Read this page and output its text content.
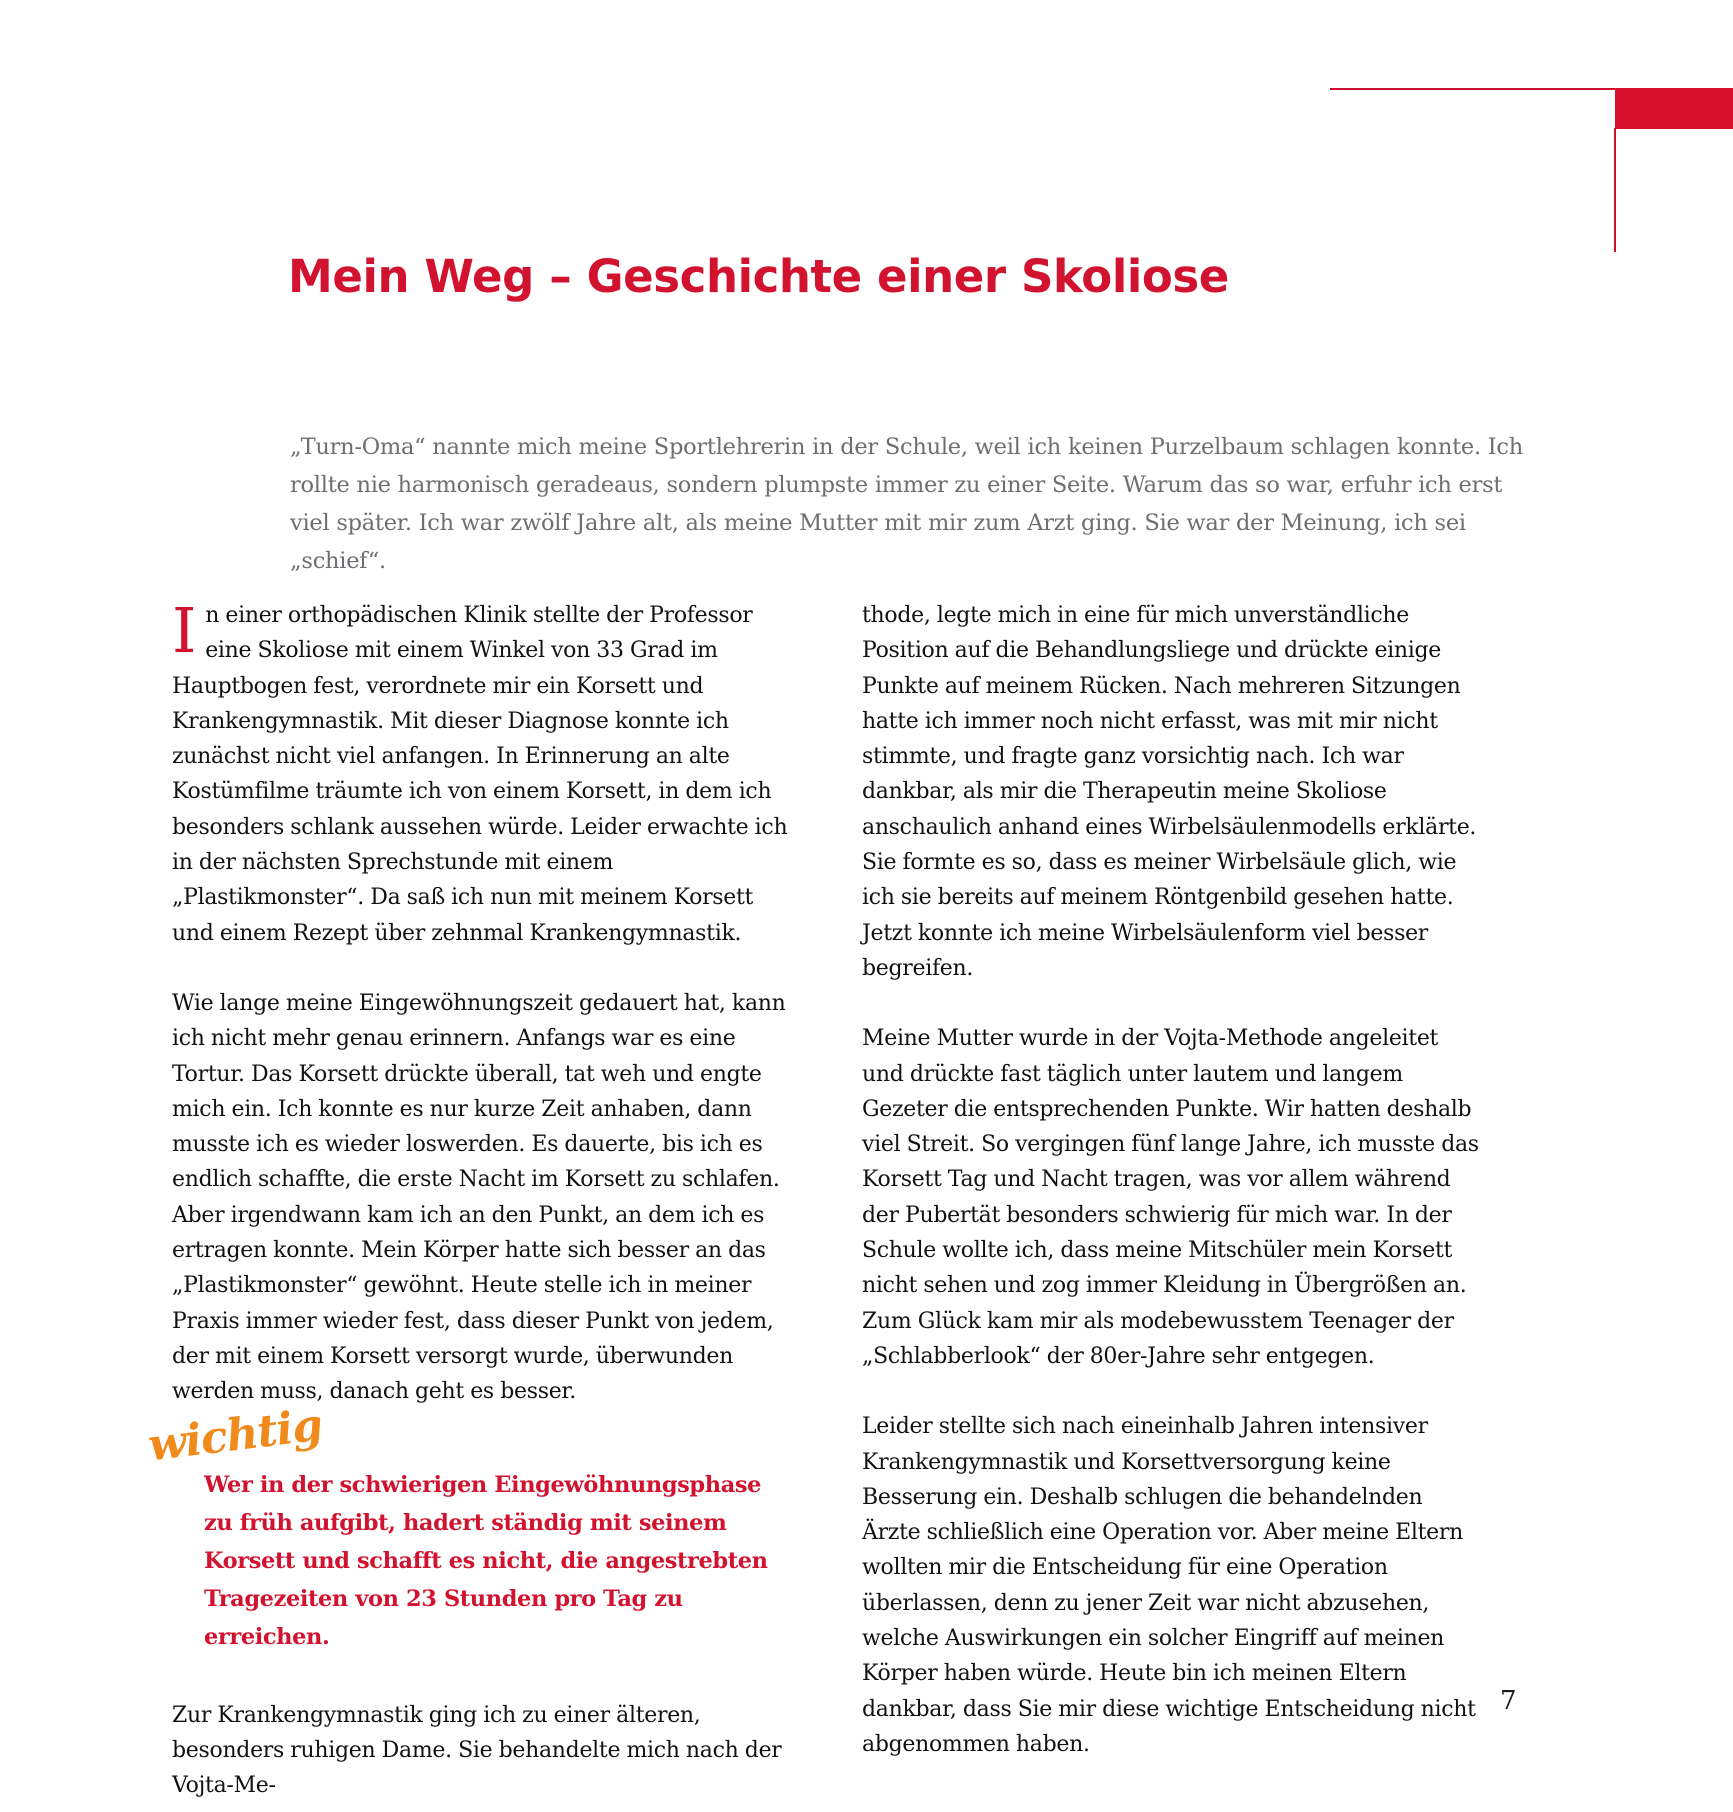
Mein Weg – Geschichte einer Skoliose

„Turn-Oma“ nannte mich meine Sportlehrerin in der Schule, weil ich keinen Purzelbaum schlagen konnte. Ich rollte nie harmonisch geradeaus, sondern plumpste immer zu einer Seite. Warum das so war, erfuhr ich erst viel später. Ich war zwölf Jahre alt, als meine Mutter mit mir zum Arzt ging. Sie war der Meinung, ich sei „schief“.

In einer orthopädischen Klinik stellte der Professor eine Skoliose mit einem Winkel von 33 Grad im Hauptbogen fest, verordnete mir ein Korsett und Krankengymnastik. Mit dieser Diagnose konnte ich zunächst nicht viel anfangen. In Erinnerung an alte Kostümfilme träumte ich von einem Korsett, in dem ich besonders schlank aussehen würde. Leider erwachte ich in der nächsten Sprechstunde mit einem „Plastikmonster“. Da saß ich nun mit meinem Korsett und einem Rezept über zehnmal Krankengymnastik.

Wie lange meine Eingewöhnungszeit gedauert hat, kann ich nicht mehr genau erinnern. Anfangs war es eine Tortur. Das Korsett drückte überall, tat weh und engte mich ein. Ich konnte es nur kurze Zeit anhaben, dann musste ich es wieder loswerden. Es dauerte, bis ich es endlich schaffte, die erste Nacht im Korsett zu schlafen. Aber irgendwann kam ich an den Punkt, an dem ich es ertragen konnte. Mein Körper hatte sich besser an das „Plastikmonster“ gewöhnt. Heute stelle ich in meiner Praxis immer wieder fest, dass dieser Punkt von jedem, der mit einem Korsett versorgt wurde, überwunden werden muss, danach geht es besser.

wichtig
Wer in der schwierigen Eingewöhnungsphase zu früh aufgibt, hadert ständig mit seinem Korsett und schafft es nicht, die angestrebten Tragezeiten von 23 Stunden pro Tag zu erreichen.

Zur Krankengymnastik ging ich zu einer älteren, besonders ruhigen Dame. Sie behandelte mich nach der Vojta-Me-

thode, legte mich in eine für mich unverständliche Position auf die Behandlungsliege und drückte einige Punkte auf meinem Rücken. Nach mehreren Sitzungen hatte ich immer noch nicht erfasst, was mit mir nicht stimmte, und fragte ganz vorsichtig nach. Ich war dankbar, als mir die Therapeutin meine Skoliose anschaulich anhand eines Wirbelsäulenmodells erklärte. Sie formte es so, dass es meiner Wirbelsäule glich, wie ich sie bereits auf meinem Röntgenbild gesehen hatte. Jetzt konnte ich meine Wirbelsäulenform viel besser begreifen.

Meine Mutter wurde in der Vojta-Methode angeleitet und drückte fast täglich unter lautem und langem Gezeter die entsprechenden Punkte. Wir hatten deshalb viel Streit. So vergingen fünf lange Jahre, ich musste das Korsett Tag und Nacht tragen, was vor allem während der Pubertät besonders schwierig für mich war. In der Schule wollte ich, dass meine Mitschüler mein Korsett nicht sehen und zog immer Kleidung in Übergrößen an. Zum Glück kam mir als modebewusstem Teenager der „Schlabberlook“ der 80er-Jahre sehr entgegen.

Leider stellte sich nach eineinhalb Jahren intensiver Krankengymnastik und Korsettversorgung keine Besserung ein. Deshalb schlugen die behandelnden Ärzte schließlich eine Operation vor. Aber meine Eltern wollten mir die Entscheidung für eine Operation überlassen, denn zu jener Zeit war nicht abzusehen, welche Auswirkungen ein solcher Eingriff auf meinen Körper haben würde. Heute bin ich meinen Eltern dankbar, dass Sie mir diese wichtige Entscheidung nicht abgenommen haben.

7
